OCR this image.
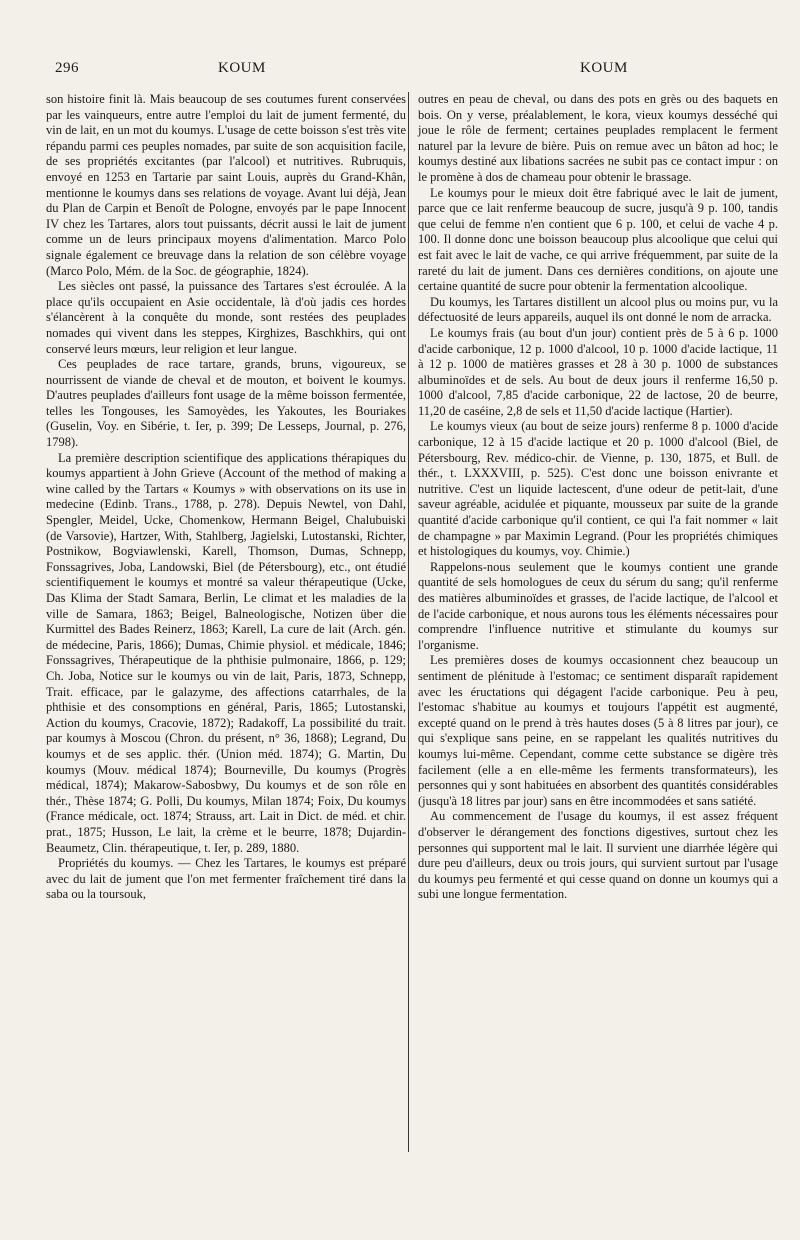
296	KOUM	KOUM

son histoire finit là. Mais beaucoup de ses coutumes furent conservées par les vainqueurs, entre autre l'emploi du lait de jument fermenté, du vin de lait, en un mot du koumys. L'usage de cette boisson s'est très vite répandu parmi ces peuples nomades, par suite de son acquisition facile, de ses propriétés excitantes (par l'alcool) et nutritives. Rubruquis, envoyé en 1253 en Tartarie par saint Louis, auprès du Grand-Khân, mentionne le koumys dans ses relations de voyage. Avant lui déjà, Jean du Plan de Carpin et Benoît de Pologne, envoyés par le pape Innocent IV chez les Tartares, alors tout puissants, décrit aussi le lait de jument comme un de leurs principaux moyens d'alimentation. Marco Polo signale également ce breuvage dans la relation de son célèbre voyage (Marco Polo, Mém. de la Soc. de géographie, 1824).

Les siècles ont passé, la puissance des Tartares s'est écroulée. A la place qu'ils occupaient en Asie occidentale, là d'où jadis ces hordes s'élancèrent à la conquête du monde, sont restées des peuplades nomades qui vivent dans les steppes, Kirghizes, Baschkhirs, qui ont conservé leurs mœurs, leur religion et leur langue.

Ces peuplades de race tartare, grands, bruns, vigoureux, se nourrissent de viande de cheval et de mouton, et boivent le koumys. D'autres peuplades d'ailleurs font usage de la même boisson fermentée, telles les Tongouses, les Samoyèdes, les Yakoutes, les Bouriakes (Guselin, Voy. en Sibérie, t. Ier, p. 399; De Lesseps, Journal, p. 276, 1798).

La première description scientifique des applications thérapiques du koumys appartient à John Grieve (Account of the method of making a wine called by the Tartars « Koumys » with observations on its use in medecine (Edinb. Trans., 1788, p. 278). Depuis Newtel, von Dahl, Spengler, Meidel, Ucke, Chomenkow, Hermann Beigel, Chalubuiski (de Varsovie), Hartzer, With, Stahlberg, Jagielski, Lutostanski, Richter, Postnikow, Bogviawlenski, Karell, Thomson, Dumas, Schnepp, Fonssagrives, Joba, Landowski, Biel (de Pétersbourg), etc., ont étudié scientifiquement le koumys et montré sa valeur thérapeutique (Ucke, Das Klima der Stadt Samara, Berlin, Le climat et les maladies de la ville de Samara, 1863; Beigel, Balneologische, Notizen über die Kurmittel des Bades Reinerz, 1863; Karell, La cure de lait (Arch. gén. de médecine, Paris, 1866); Dumas, Chimie physiol. et médicale, 1846; Fonssagrives, Thérapeutique de la phthisie pulmonaire, 1866, p. 129; Ch. Joba, Notice sur le koumys ou vin de lait, Paris, 1873, Schnepp, Trait. efficace, par le galazyme, des affections catarrhales, de la phthisie et des consomptions en général, Paris, 1865; Lutostanski, Action du koumys, Cracovie, 1872); Radakoff, La possibilité du trait. par koumys à Moscou (Chron. du présent, n° 36, 1868); Legrand, Du koumys et de ses applic. thér. (Union méd. 1874); G. Martin, Du koumys (Mouv. médical 1874); Bourneville, Du koumys (Progrès médical, 1874); Makarow-Sabosbwy, Du koumys et de son rôle en thér., Thèse 1874; G. Polli, Du koumys, Milan 1874; Foix, Du koumys (France médicale, oct. 1874; Strauss, art. Lait in Dict. de méd. et chir. prat., 1875; Husson, Le lait, la crème et le beurre, 1878; Dujardin-Beaumetz, Clin. thérapeutique, t. Ier, p. 289, 1880.

Propriétés du koumys. — Chez les Tartares, le koumys est préparé avec du lait de jument que l'on met fermenter fraîchement tiré dans la saba ou la toursouk,

outres en peau de cheval, ou dans des pots en grès ou des baquets en bois. On y verse, préalablement, le kora, vieux koumys desséché qui joue le rôle de ferment; certaines peuplades remplacent le ferment naturel par la levure de bière. Puis on remue avec un bâton ad hoc; le koumys destiné aux libations sacrées ne subit pas ce contact impur : on le promène à dos de chameau pour obtenir le brassage.

Le koumys pour le mieux doit être fabriqué avec le lait de jument, parce que ce lait renferme beaucoup de sucre, jusqu'à 9 p. 100, tandis que celui de femme n'en contient que 6 p. 100, et celui de vache 4 p. 100. Il donne donc une boisson beaucoup plus alcoolique que celui qui est fait avec le lait de vache, ce qui arrive fréquemment, par suite de la rareté du lait de jument. Dans ces dernières conditions, on ajoute une certaine quantité de sucre pour obtenir la fermentation alcoolique.

Du koumys, les Tartares distillent un alcool plus ou moins pur, vu la défectuosité de leurs appareils, auquel ils ont donné le nom de arracka.

Le koumys frais (au bout d'un jour) contient près de 5 à 6 p. 1000 d'acide carbonique, 12 p. 1000 d'alcool, 10 p. 1000 d'acide lactique, 11 à 12 p. 1000 de matières grasses et 28 à 30 p. 1000 de substances albuminoïdes et de sels. Au bout de deux jours il renferme 16,50 p. 1000 d'alcool, 7,85 d'acide carbonique, 22 de lactose, 20 de beurre, 11,20 de caséine, 2,8 de sels et 11,50 d'acide lactique (Hartier).

Le koumys vieux (au bout de seize jours) renferme 8 p. 1000 d'acide carbonique, 12 à 15 d'acide lactique et 20 p. 1000 d'alcool (Biel, de Pétersbourg, Rev. médico-chir. de Vienne, p. 130, 1875, et Bull. de thér., t. LXXXVIII, p. 525). C'est donc une boisson enivrante et nutritive. C'est un liquide lactescent, d'une odeur de petit-lait, d'une saveur agréable, acidulée et piquante, mousseux par suite de la grande quantité d'acide carbonique qu'il contient, ce qui l'a fait nommer « lait de champagne » par Maximin Legrand. (Pour les propriétés chimiques et histologiques du koumys, voy. Chimie.)

Rappelons-nous seulement que le koumys contient une grande quantité de sels homologues de ceux du sérum du sang; qu'il renferme des matières albuminoïdes et grasses, de l'acide lactique, de l'alcool et de l'acide carbonique, et nous aurons tous les éléments nécessaires pour comprendre l'influence nutritive et stimulante du koumys sur l'organisme.

Les premières doses de koumys occasionnent chez beaucoup un sentiment de plénitude à l'estomac; ce sentiment disparaît rapidement avec les éructations qui dégagent l'acide carbonique. Peu à peu, l'estomac s'habitue au koumys et toujours l'appétit est augmenté, excepté quand on le prend à très hautes doses (5 à 8 litres par jour), ce qui s'explique sans peine, en se rappelant les qualités nutritives du koumys lui-même. Cependant, comme cette substance se digère très facilement (elle a en elle-même les ferments transformateurs), les personnes qui y sont habituées en absorbent des quantités considérables (jusqu'à 18 litres par jour) sans en être incommodées et sans satiété.

Au commencement de l'usage du koumys, il est assez fréquent d'observer le dérangement des fonctions digestives, surtout chez les personnes qui supportent mal le lait. Il survient une diarrhée légère qui dure peu d'ailleurs, deux ou trois jours, qui survient surtout par l'usage du koumys peu fermenté et qui cesse quand on donne un koumys qui a subi une longue fermentation.
